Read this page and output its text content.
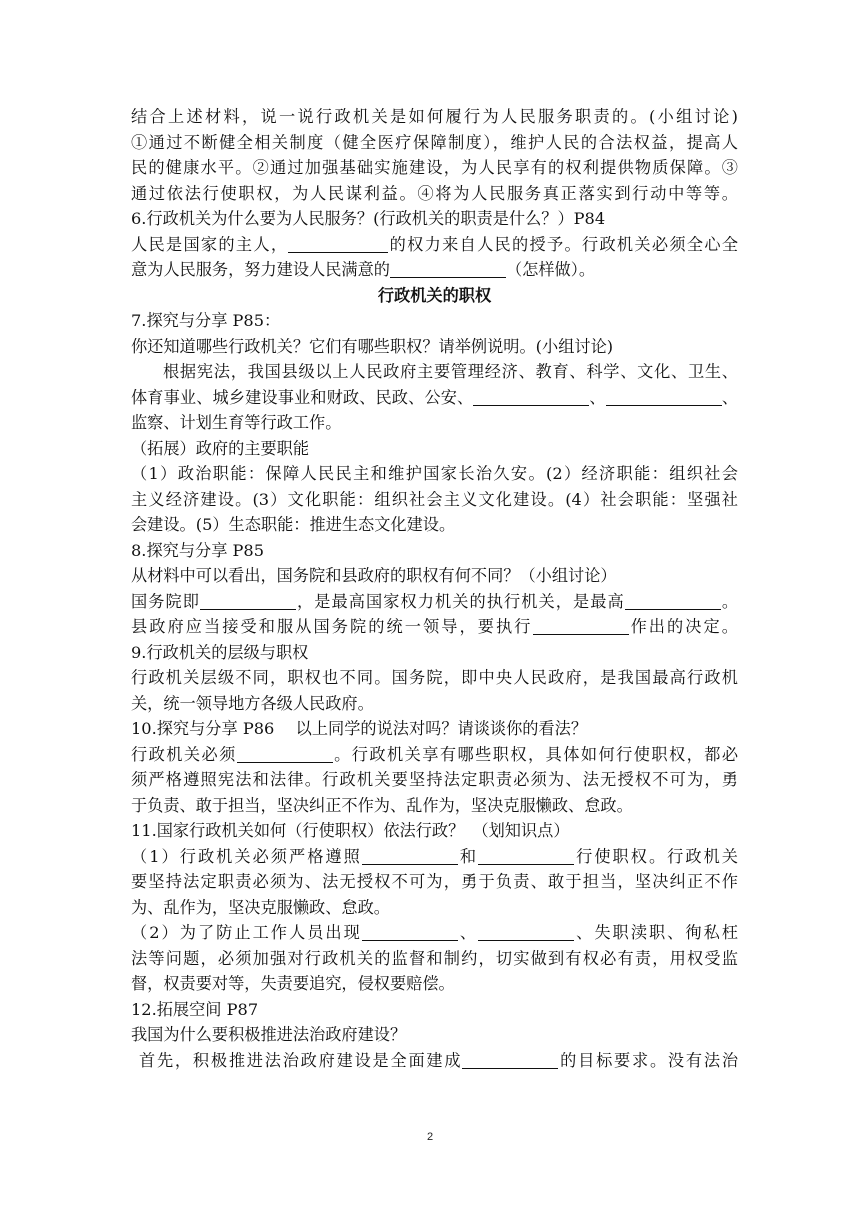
结合上述材料，说一说行政机关是如何履行为人民服务职责的。(小组讨论)
①通过不断健全相关制度（健全医疗保障制度），维护人民的合法权益，提高人
民的健康水平。②通过加强基础实施建设，为人民享有的权利提供物质保障。③
通过依法行使职权，为人民谋利益。④将为人民服务真正落实到行动中等等。
6.行政机关为什么要为人民服务？(行政机关的职责是什么？）P84
人民是国家的主人，	的权力来自人民的授予。行政机关必须全心全
意为人民服务，努力建设人民满意的	（怎样做）。
行政机关的职权
7.探究与分享 P85：
你还知道哪些行政机关？它们有哪些职权？请举例说明。(小组讨论)
根据宪法，我国县级以上人民政府主要管理经济、教育、科学、文化、卫生、
体育事业、城乡建设事业和财政、民政、公安、	、	、
监察、计划生育等行政工作。
（拓展）政府的主要职能
（1）政治职能：保障人民民主和维护国家长治久安。(2）经济职能：组织社会
主义经济建设。(3）文化职能：组织社会主义文化建设。(4）社会职能：坚强社
会建设。(5）生态职能：推进生态文化建设。
8.探究与分享 P85
从材料中可以看出，国务院和县政府的职权有何不同？（小组讨论）
国务院即	，是最高国家权力机关的执行机关，是最高	。
县政府应当接受和服从国务院的统一领导，要执行	作出的决定。
9.行政机关的层级与职权
行政机关层级不同，职权也不同。国务院，即中央人民政府，是我国最高行政机
关，统一领导地方各级人民政府。
10.探究与分享 P86　 以上同学的说法对吗？请谈谈你的看法？
行政机关必须	。行政机关享有哪些职权，具体如何行使职权，都必
须严格遵照宪法和法律。行政机关要坚持法定职责必须为、法无授权不可为，勇
于负责、敢于担当，坚决纠正不作为、乱作为，坚决克服懒政、怠政。
11.国家行政机关如何（行使职权）依法行政？　（划知识点）
（1）行政机关必须严格遵照	和	行使职权。行政机关
要坚持法定职责必须为、法无授权不可为，勇于负责、敢于担当，坚决纠正不作
为、乱作为，坚决克服懒政、怠政。
（2）为了防止工作人员出现	、	、失职渎职、徇私枉
法等问题，必须加强对行政机关的监督和制约，切实做到有权必有责，用权受监
督，权责要对等，失责要追究，侵权要赔偿。
12.拓展空间 P87
我国为什么要积极推进法治政府建设？
首先，积极推进法治政府建设是全面建成	的目标要求。没有法治
2
